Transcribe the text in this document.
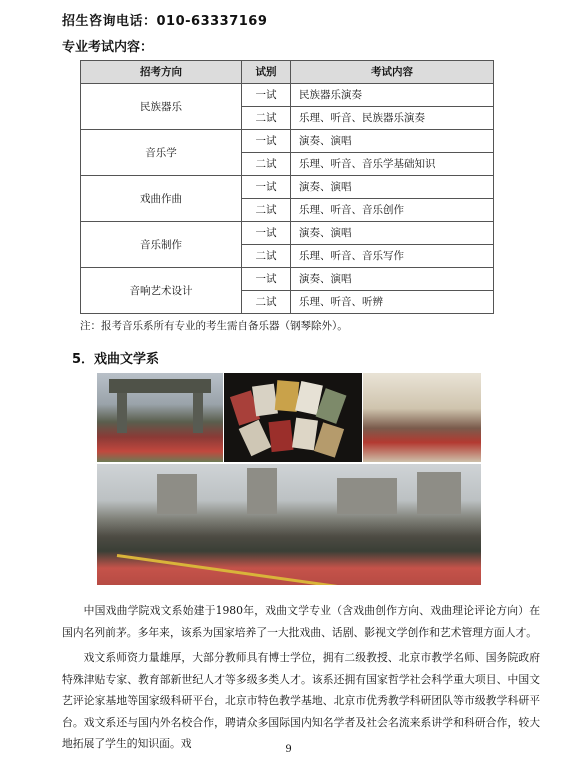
招生咨询电话：010-63337169
专业考试内容：
招考方向	试别	考试内容
民族器乐	一试	民族器乐演奏
	二试	乐理、听音、民族器乐演奏
音乐学	一试	演奏、演唱
	二试	乐理、听音、音乐学基础知识
戏曲作曲	一试	演奏、演唱
	二试	乐理、听音、音乐创作
音乐制作	一试	演奏、演唱
	二试	乐理、听音、音乐写作
音响艺术设计	一试	演奏、演唱
	二试	乐理、听音、听辨
注：报考音乐系所有专业的考生需自备乐器（钢琴除外）。
5．戏曲文学系

中国戏曲学院戏文系始建于1980年，戏曲文学专业（含戏曲创作方向、戏曲理论评论方向）在国内名列前茅。多年来，该系为国家培养了一大批戏曲、话剧、影视文学创作和艺术管理方面人才。

戏文系师资力量雄厚，大部分教师具有博士学位，拥有二级教授、北京市教学名师、国务院政府特殊津贴专家、教育部新世纪人才等多级多类人才。该系还拥有国家哲学社会科学重大项目、中国文艺评论家基地等国家级科研平台，北京市特色教学基地、北京市优秀教学科研团队等市级教学科研平台。戏文系还与国内外名校合作，聘请众多国际国内知名学者及社会名流来系讲学和科研合作，较大地拓展了学生的知识面。戏	9
